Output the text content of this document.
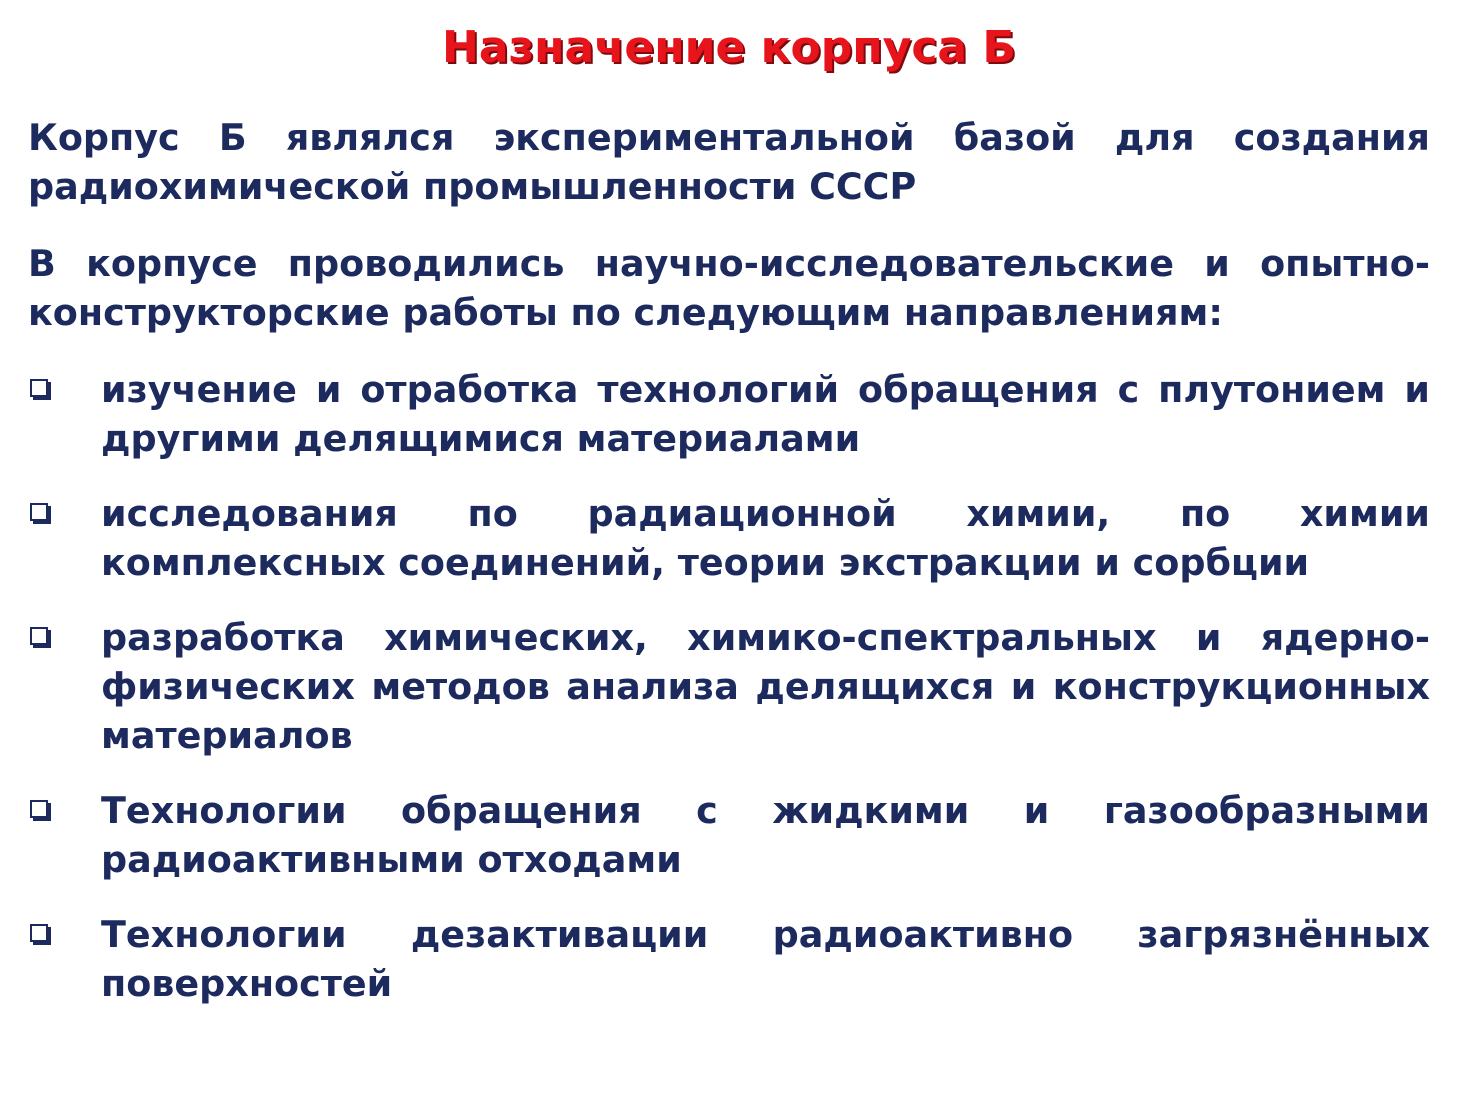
Назначение корпуса Б

Корпус Б являлся экспериментальной базой для создания радиохимической промышленности СССР

В корпусе проводились научно-исследовательские и опытно-конструкторские работы по следующим направлениям:

изучение и отработка технологий обращения с плутонием и другими делящимися материалами
исследования по радиационной химии, по химии комплексных соединений, теории экстракции и сорбции
разработка химических, химико-спектральных и ядерно-физических методов анализа делящихся и конструкционных материалов
Технологии обращения с жидкими и газообразными радиоактивными отходами
Технологии дезактивации радиоактивно загрязнённых поверхностей
